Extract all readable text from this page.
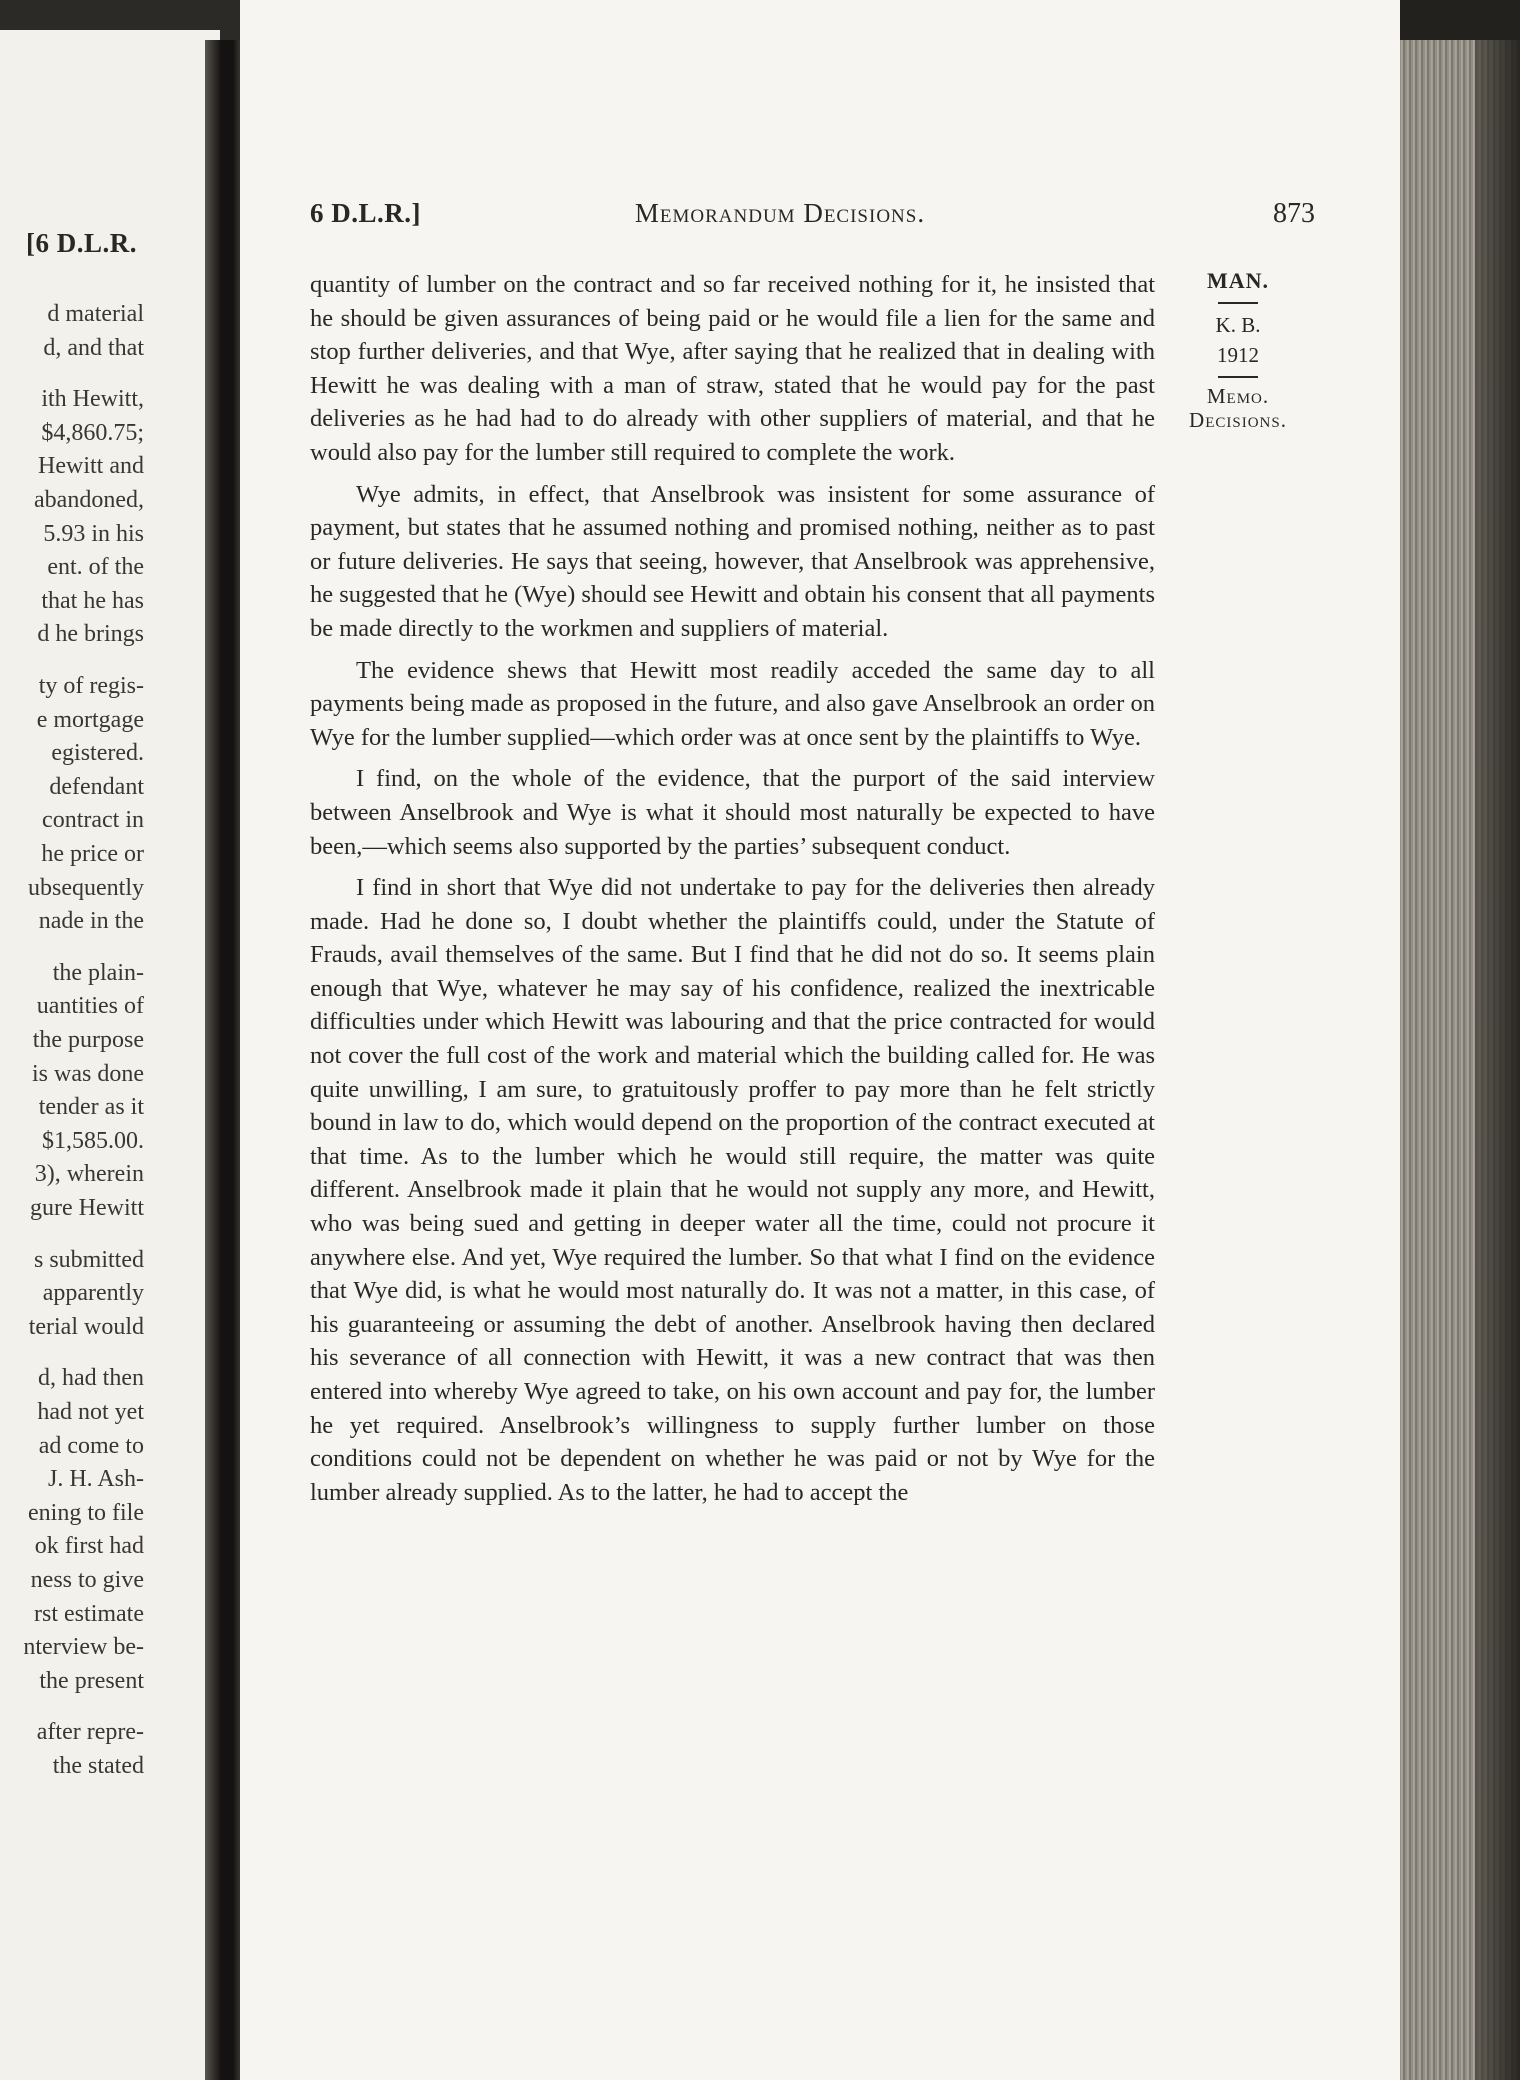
[6 D.L.R.
d material
d, and that
ith Hewitt,
$4,860.75;
Hewitt and
abandoned,
5.93 in his
ent. of the
that he has
d he brings
ty of regis-
e mortgage
egistered.
defendant
contract in
he price or
ubsequently
nade in the
the plain-
uantities of
the purpose
is was done
tender as it
$1,585.00.
3), wherein
gure Hewitt
s submitted
apparently
terial would
d, had then
had not yet
ad come to
J. H. Ash-
ening to file
ok first had
ness to give
rst estimate
nterview be-
the present
after repre-
the stated
6 D.L.R.]	Memorandum Decisions.	873
MAN.
K. B.
1912
Memo.
Decisions.

quantity of lumber on the contract and so far received nothing for it, he insisted that he should be given assurances of being paid or he would file a lien for the same and stop further deliveries, and that Wye, after saying that he realized that in dealing with Hewitt he was dealing with a man of straw, stated that he would pay for the past deliveries as he had had to do already with other suppliers of material, and that he would also pay for the lumber still required to complete the work.

Wye admits, in effect, that Anselbrook was insistent for some assurance of payment, but states that he assumed nothing and promised nothing, neither as to past or future deliveries. He says that seeing, however, that Anselbrook was apprehensive, he suggested that he (Wye) should see Hewitt and obtain his consent that all payments be made directly to the workmen and suppliers of material.

The evidence shews that Hewitt most readily acceded the same day to all payments being made as proposed in the future, and also gave Anselbrook an order on Wye for the lumber supplied—which order was at once sent by the plaintiffs to Wye.

I find, on the whole of the evidence, that the purport of the said interview between Anselbrook and Wye is what it should most naturally be expected to have been,—which seems also supported by the parties’ subsequent conduct.

I find in short that Wye did not undertake to pay for the deliveries then already made. Had he done so, I doubt whether the plaintiffs could, under the Statute of Frauds, avail themselves of the same. But I find that he did not do so. It seems plain enough that Wye, whatever he may say of his confidence, realized the inextricable difficulties under which Hewitt was labouring and that the price contracted for would not cover the full cost of the work and material which the building called for. He was quite unwilling, I am sure, to gratuitously proffer to pay more than he felt strictly bound in law to do, which would depend on the proportion of the contract executed at that time. As to the lumber which he would still require, the matter was quite different. Anselbrook made it plain that he would not supply any more, and Hewitt, who was being sued and getting in deeper water all the time, could not procure it anywhere else. And yet, Wye required the lumber. So that what I find on the evidence that Wye did, is what he would most naturally do. It was not a matter, in this case, of his guaranteeing or assuming the debt of another. Anselbrook having then declared his severance of all connection with Hewitt, it was a new contract that was then entered into whereby Wye agreed to take, on his own account and pay for, the lumber he yet required. Anselbrook’s willingness to supply further lumber on those conditions could not be dependent on whether he was paid or not by Wye for the lumber already supplied. As to the latter, he had to accept the
